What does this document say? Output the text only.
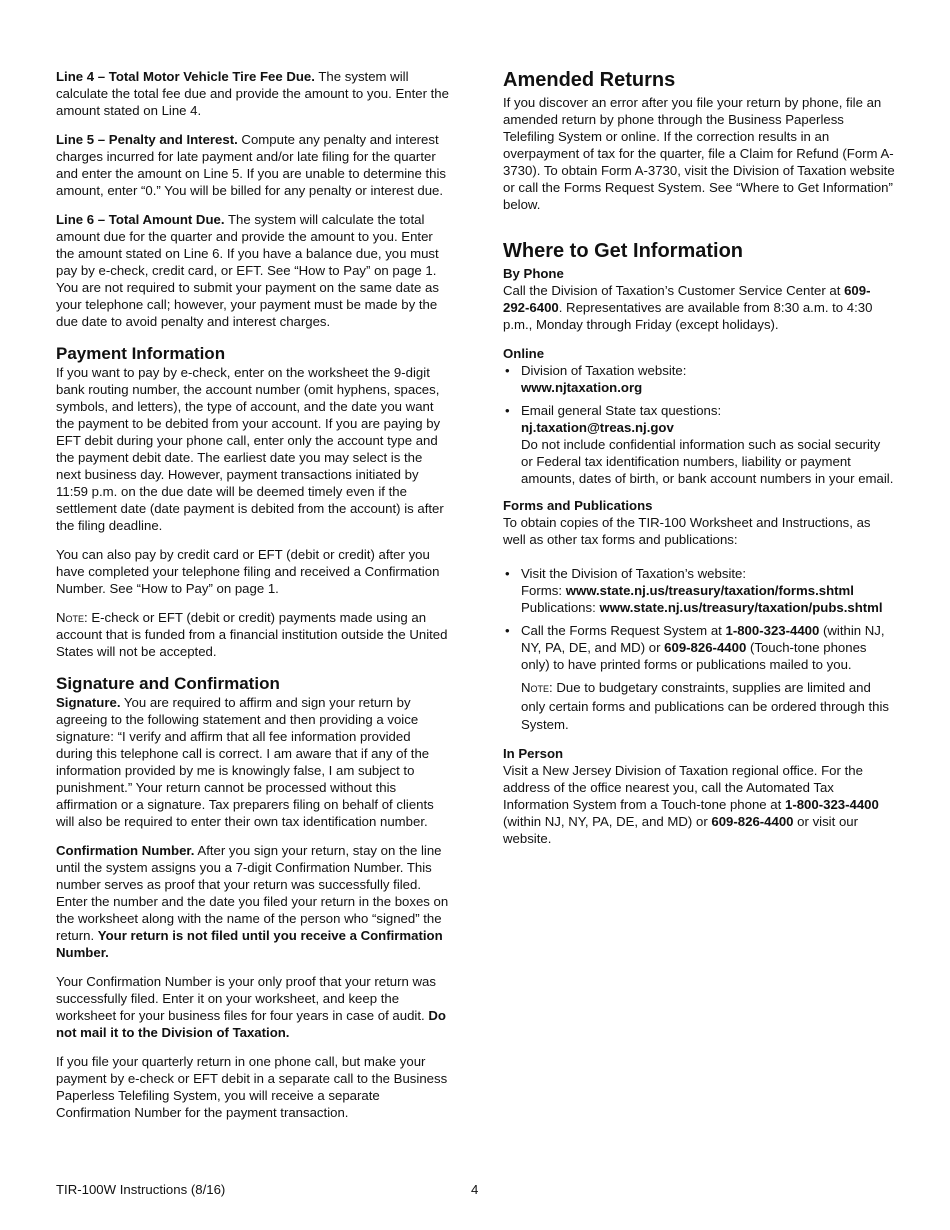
Line 4 – Total Motor Vehicle Tire Fee Due. The system will calculate the total fee due and provide the amount to you. Enter the amount stated on Line 4.

Line 5 – Penalty and Interest. Compute any penalty and interest charges incurred for late payment and/or late filing for the quarter and enter the amount on Line 5. If you are unable to determine this amount, enter “0.” You will be billed for any penalty or interest due.

Line 6 – Total Amount Due. The system will calculate the total amount due for the quarter and provide the amount to you. Enter the amount stated on Line 6. If you have a balance due, you must pay by e-check, credit card, or EFT. See “How to Pay” on page 1. You are not required to submit your payment on the same date as your telephone call; however, your payment must be made by the due date to avoid penalty and interest charges.

Payment Information

If you want to pay by e-check, enter on the worksheet the 9-digit bank routing number, the account number (omit hyphens, spaces, symbols, and letters), the type of account, and the date you want the payment to be debited from your account. If you are paying by EFT debit during your phone call, enter only the account type and the payment debit date. The earliest date you may select is the next business day. However, payment transactions initiated by 11:59 p.m. on the due date will be deemed timely even if the settlement date (date payment is debited from the account) is after the filing deadline.

You can also pay by credit card or EFT (debit or credit) after you have completed your telephone filing and received a Confirmation Number. See “How to Pay” on page 1.

Note: E-check or EFT (debit or credit) payments made using an account that is funded from a financial institution outside the United States will not be accepted.

Signature and Confirmation

Signature. You are required to affirm and sign your return by agreeing to the following statement and then providing a voice signature: “I verify and affirm that all fee information provided during this telephone call is correct. I am aware that if any of the information provided by me is knowingly false, I am subject to punishment.” Your return cannot be processed without this affirmation or a signature. Tax preparers filing on behalf of clients will also be required to enter their own tax identification number.

Confirmation Number. After you sign your return, stay on the line until the system assigns you a 7-digit Confirmation Number. This number serves as proof that your return was successfully filed. Enter the number and the date you filed your return in the boxes on the worksheet along with the name of the person who “signed” the return. Your return is not filed until you receive a Confirmation Number.

Your Confirmation Number is your only proof that your return was successfully filed. Enter it on your worksheet, and keep the worksheet for your business files for four years in case of audit. Do not mail it to the Division of Taxation.

If you file your quarterly return in one phone call, but make your payment by e-check or EFT debit in a separate call to the Business Paperless Telefiling System, you will receive a separate Confirmation Number for the payment transaction.

Amended Returns

If you discover an error after you file your return by phone, file an amended return by phone through the Business Paperless Telefiling System or online. If the correction results in an overpayment of tax for the quarter, file a Claim for Refund (Form A-3730). To obtain Form A-3730, visit the Division of Taxation website or call the Forms Request System. See “Where to Get Information” below.

Where to Get Information
By Phone

Call the Division of Taxation’s Customer Service Center at 609-292-6400. Representatives are available from 8:30 a.m. to 4:30 p.m., Monday through Friday (except holidays).

Online
• Division of Taxation website:
www.njtaxation.org
• Email general State tax questions:
nj.taxation@treas.nj.gov
Do not include confidential information such as social security or Federal tax identification numbers, liability or payment amounts, dates of birth, or bank account numbers in your email.
Forms and Publications

To obtain copies of the TIR-100 Worksheet and Instructions, as well as other tax forms and publications:

• Visit the Division of Taxation’s website:
Forms: www.state.nj.us/treasury/taxation/forms.shtml
Publications: www.state.nj.us/treasury/taxation/pubs.shtml
• Call the Forms Request System at 1-800-323-4400 (within NJ, NY, PA, DE, and MD) or 609-826-4400 (Touch-tone phones only) to have printed forms or publications mailed to you.

Note: Due to budgetary constraints, supplies are limited and only certain forms and publications can be ordered through this System.

In Person

Visit a New Jersey Division of Taxation regional office. For the address of the office nearest you, call the Automated Tax Information System from a Touch-tone phone at 1-800-323-4400 (within NJ, NY, PA, DE, and MD) or 609-826-4400 or visit our website.

TIR-100W Instructions (8/16)	4
